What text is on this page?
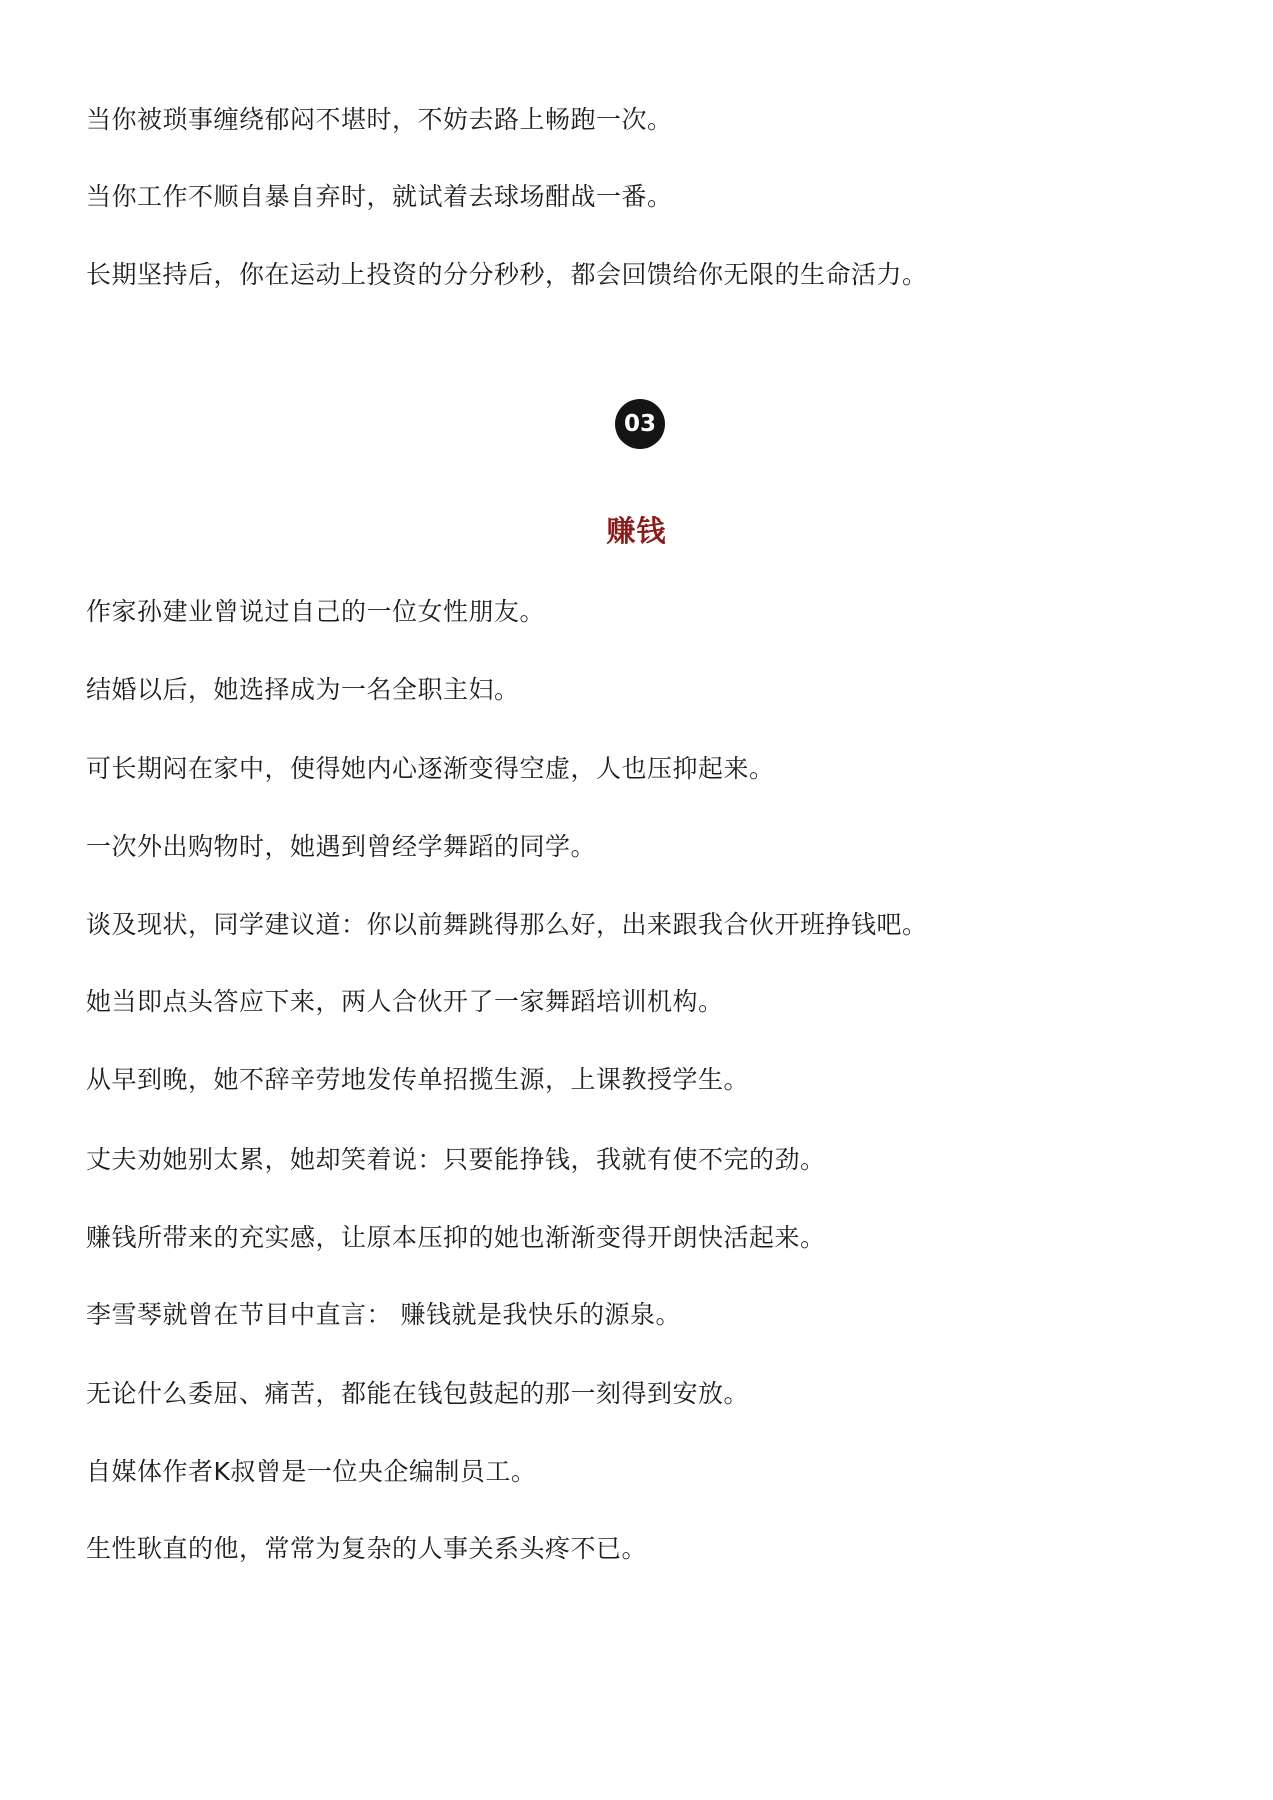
当你被琐事缠绕郁闷不堪时，不妨去路上畅跑一次。

当你工作不顺自暴自弃时，就试着去球场酣战一番。

长期坚持后，你在运动上投资的分分秒秒，都会回馈给你无限的生命活力。

03
赚钱

作家孙建业曾说过自己的一位女性朋友。

结婚以后，她选择成为一名全职主妇。

可长期闷在家中，使得她内心逐渐变得空虚，人也压抑起来。

一次外出购物时，她遇到曾经学舞蹈的同学。

谈及现状，同学建议道：你以前舞跳得那么好，出来跟我合伙开班挣钱吧。

她当即点头答应下来，两人合伙开了一家舞蹈培训机构。

从早到晚，她不辞辛劳地发传单招揽生源，上课教授学生。

丈夫劝她别太累，她却笑着说：只要能挣钱，我就有使不完的劲。

赚钱所带来的充实感，让原本压抑的她也渐渐变得开朗快活起来。

李雪琴就曾在节目中直言： 赚钱就是我快乐的源泉。

无论什么委屈、痛苦，都能在钱包鼓起的那一刻得到安放。

自媒体作者K叔曾是一位央企编制员工。

生性耿直的他，常常为复杂的人事关系头疼不已。
